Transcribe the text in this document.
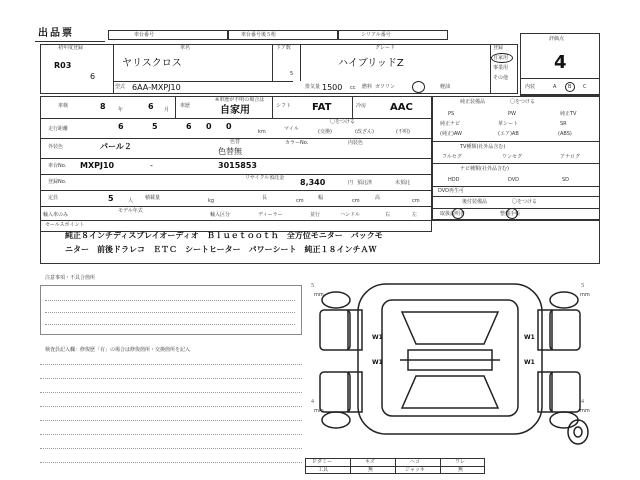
出品票	車台番号	車台番号後５桁	シリアル番号
評価点
4
初年度登録
R03
6
車名
ヤリスクロス
型式 6AA-MXPJ10
ドア数
5
グレード
ハイブリッドZ
排気量 1500 cc 燃料 ガソリン	軽油
登録
自家用
事業用
その他
内装	A B C
車検	8 年	6 月
車歴
※車歴が不明の場合は
自家用	シフト FAT	冷房 AAC
走行距離	6	5	6 0 0
km	マイル
〇をつける
(交換)	(改ざん)	(不明)
外装色	パール２	色替
色替無
カラーNo.	内装色
車台No. MXPJ10	-	3015853
登録No.
リサイクル預託金 8,340	円 預託済	未預託
定員	5	人 積載量	kg	長	cm	幅	cm	高	cm
輸入車のみ
モデル年式
輸入区分	ディーラー	並行	ハンドル	右	左
純正装備品	〇をつける
PS	PW	純正TV
純正ナビ	革シート	SR
(純正)AW	(エア)AB	(ABS)
TV種類(社外品含む)
フルセグ	ワンセグ	アナログ
ナビ種類(社外品含む)
HDD	DVD	SD
DVD再生可
後付装備品	〇をつける
取扱説明書	整備手帳
セールスポイント
純正８インチディスプレイオーディオ　Ｂｌｕｅｔｏｏｔｈ　全方位モニター　バックモ
ニター　前後ドラレコ　ＥＴＣ　シートヒーター　パワーシート　純正１８インチＡＷ
注意事項・不具合箇所
検査員記入欄：修復歴「有」の場合は修復箇所・交換箇所を記入
W1
W1
W1
W1
５
mm
５
mm
４
mm
４
mm
Ｐダミー	キズ	ヘコ	ワレ
工具	無	ジャッキ	無
